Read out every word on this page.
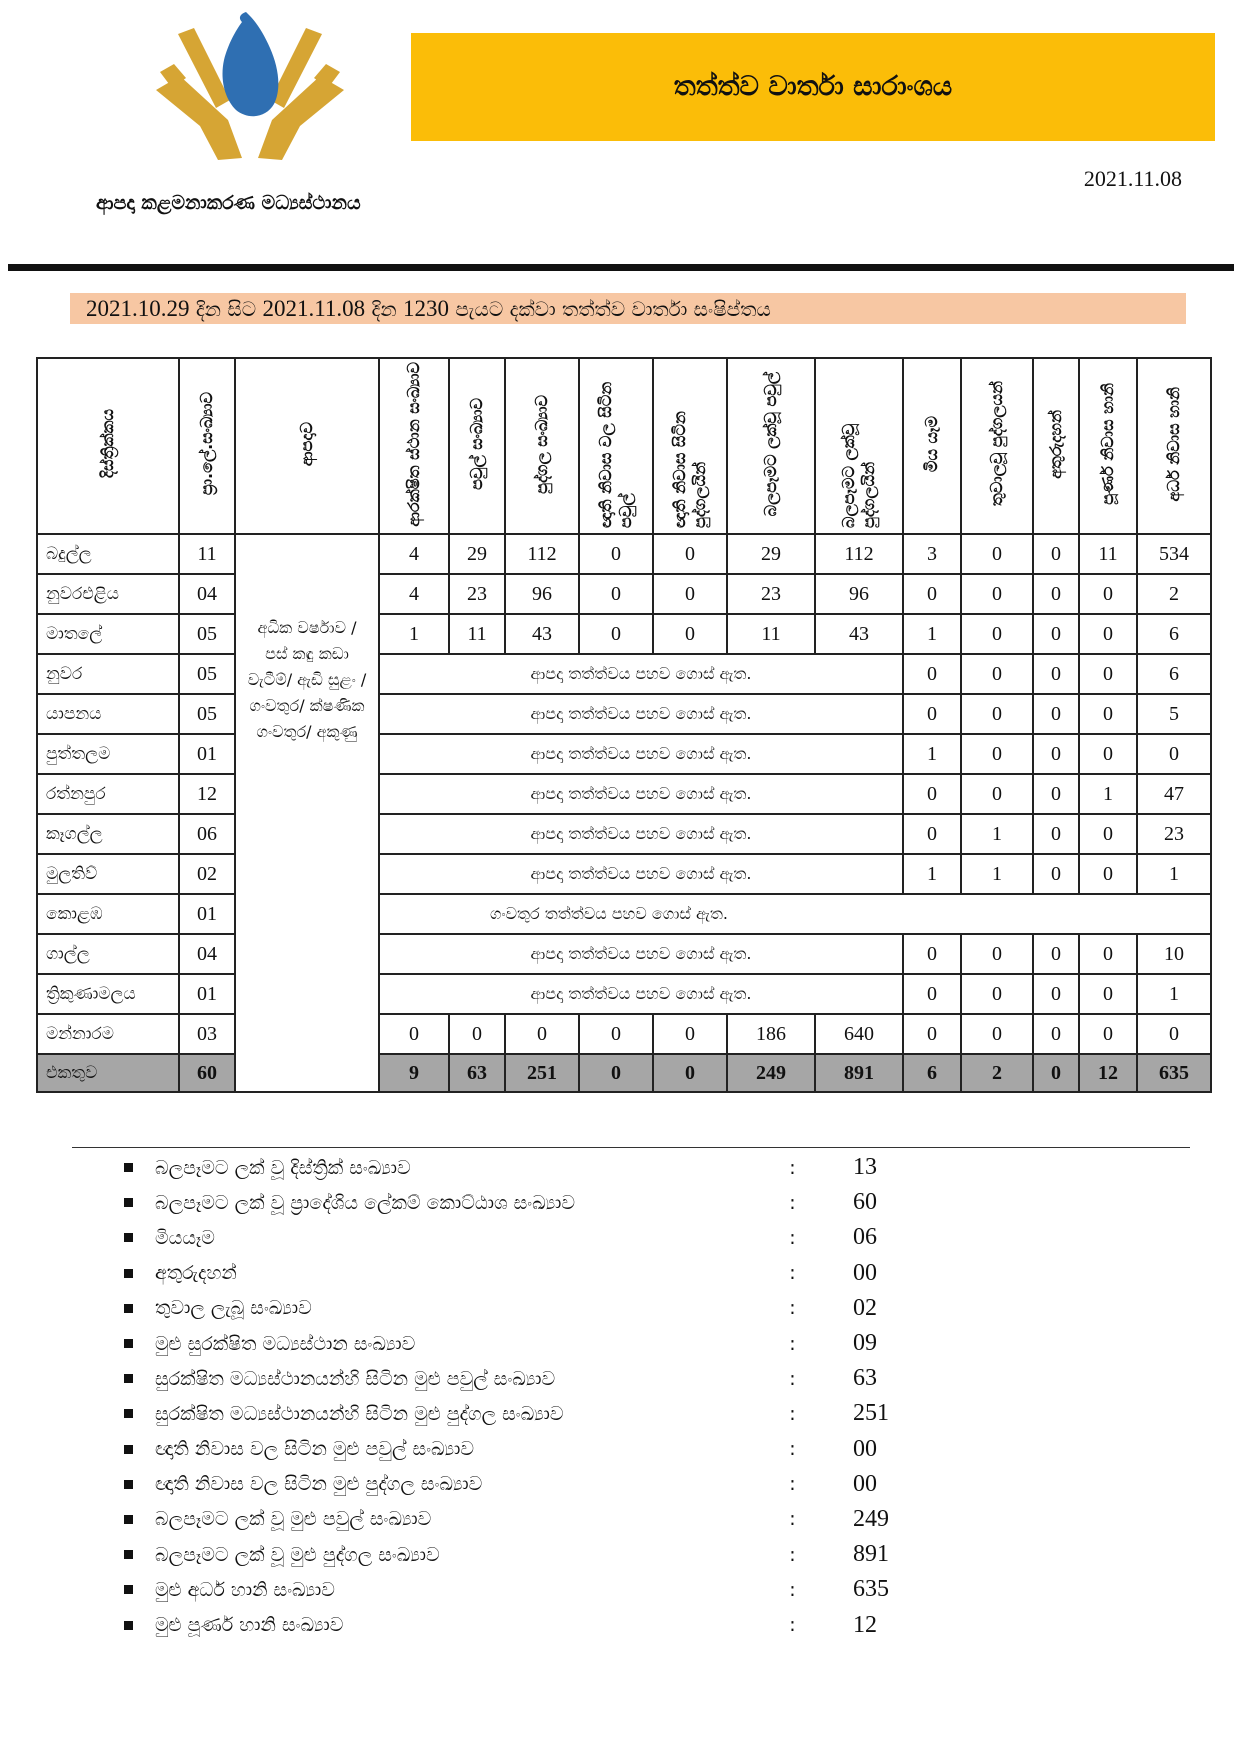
ආපදා කළමනාකරණ මධ්‍යස්ථානය
තත්ත්ව වාර්තා සාරාංශය
2021.11.08
2021.10.29
දින සිට
2021.11.08
දින
1230
පැයට දක්වා තත්ත්ව වාර්තා සංෂිප්තය
දිස්ත්‍රික්කය	ප්‍රා.ලේ.සංඛ්‍යාව	ආපදාව	ආරක්ෂිත ස්ථාන සංඛ්‍යාව	පවුල් සංඛ්‍යාව	පුද්ගල සංඛ්‍යාව	ඥාති නිවාස වල සිටින පවුල්	ඥාති නිවාස සිටින පුද්ගලයින්	බලපෑමට ලක්වූ පවුල්	බලපෑමට ලක්වූ පුද්ගලයින්	මිය යෑම	තුවාලවූ පුද්ගලයන්	අතුරුදහන්	පූර්ණ නිවාස හානි	අර්ධ නිවාස හානි
බදුල්ල	11	අධික වර්ෂාව / පස් කඳු කඩා වැටීම්/ ඇඩි සුළං / ගංවතුර/ ක්ෂණික ගංවතුර/ අකුණු	4	29	112	0	0	29	112	3	0	0	11	534
නුවරඑළිය	04		4	23	96	0	0	23	96	0	0	0	0	2
මාතලේ	05		1	11	43	0	0	11	43	1	0	0	0	6
නුවර	05		ආපදා තත්ත්වය පහව ගොස් ඇත.							0	0	0	0	6
යාපනය	05		ආපදා තත්ත්වය පහව ගොස් ඇත.							0	0	0	0	5
පුත්තලම	01		ආපදා තත්ත්වය පහව ගොස් ඇත.							1	0	0	0	0
රත්නපුර	12		ආපදා තත්ත්වය පහව ගොස් ඇත.							0	0	0	1	47
කෑගල්ල	06		ආපදා තත්ත්වය පහව ගොස් ඇත.							0	1	0	0	23
මුලතිව්	02		ආපදා තත්ත්වය පහව ගොස් ඇත.							1	1	0	0	1
කොළඹ	01		ගංවතුර තත්ත්වය පහව ගොස් ඇත.											
ගාල්ල	04		ආපදා තත්ත්වය පහව ගොස් ඇත.							0	0	0	0	10
ත්‍රිකුණාමලය	01		ආපදා තත්ත්වය පහව ගොස් ඇත.							0	0	0	0	1
මන්නාරම	03		0	0	0	0	0	186	640	0	0	0	0	0
එකතුව	60		9	63	251	0	0	249	891	6	2	0	12	635
බලපෑමට ලක් වූ දිස්ත්‍රික් සංඛ්‍යාව	:	13
බලපෑමට ලක් වූ ප්‍රාදේශිය ලේකම් කොට්ඨාශ සංඛ්‍යාව	:	60
මියයෑම	:	06
අතුරුදහන්	:	00
තුවාල ලැබූ සංඛ්‍යාව	:	02
මුළු සුරක්ෂිත මධ්‍යස්ථාන සංඛ්‍යාව	:	09
සුරක්ෂිත මධ්‍යස්ථානයන්හි සිටින මුළු පවුල් සංඛ්‍යාව	:	63
සුරක්ෂිත මධ්‍යස්ථානයන්හි සිටින මුළු පුද්ගල සංඛ්‍යාව	:	251
ඥාති නිවාස වල සිටින මුළු පවුල් සංඛ්‍යාව	:	00
ඥාති නිවාස වල සිටින මුළු පුද්ගල සංඛ්‍යාව	:	00
බලපෑමට ලක් වූ මුළු පවුල් සංඛ්‍යාව	:	249
බලපෑමට ලක් වූ මුළු පුද්ගල සංඛ්‍යාව	:	891
මුළු අර්ධ හානි සංඛ්‍යාව	:	635
මුළු පූර්ණ හානි සංඛ්‍යාව	:	12
